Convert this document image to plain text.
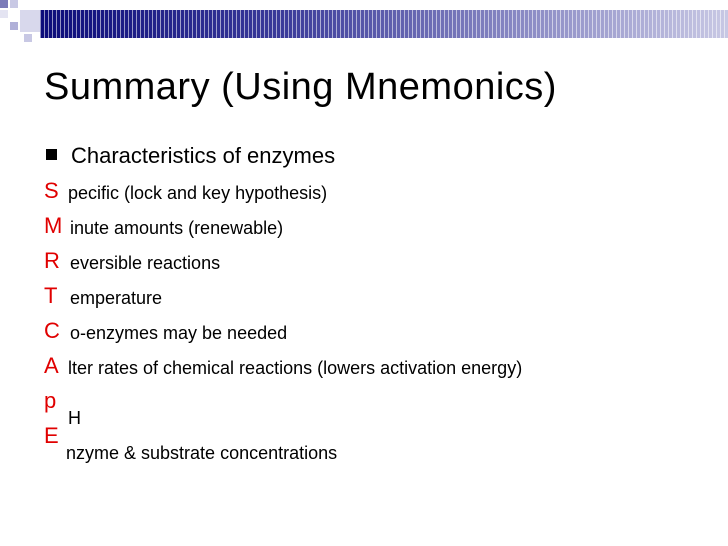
Summary (Using Mnemonics)
Characteristics of enzymes
S pecific (lock and key hypothesis)
M inute amounts (renewable)
R eversible reactions
T emperature
C o-enzymes may be needed
A lter rates of chemical reactions (lowers activation energy)
p
H
E
nzyme & substrate concentrations
